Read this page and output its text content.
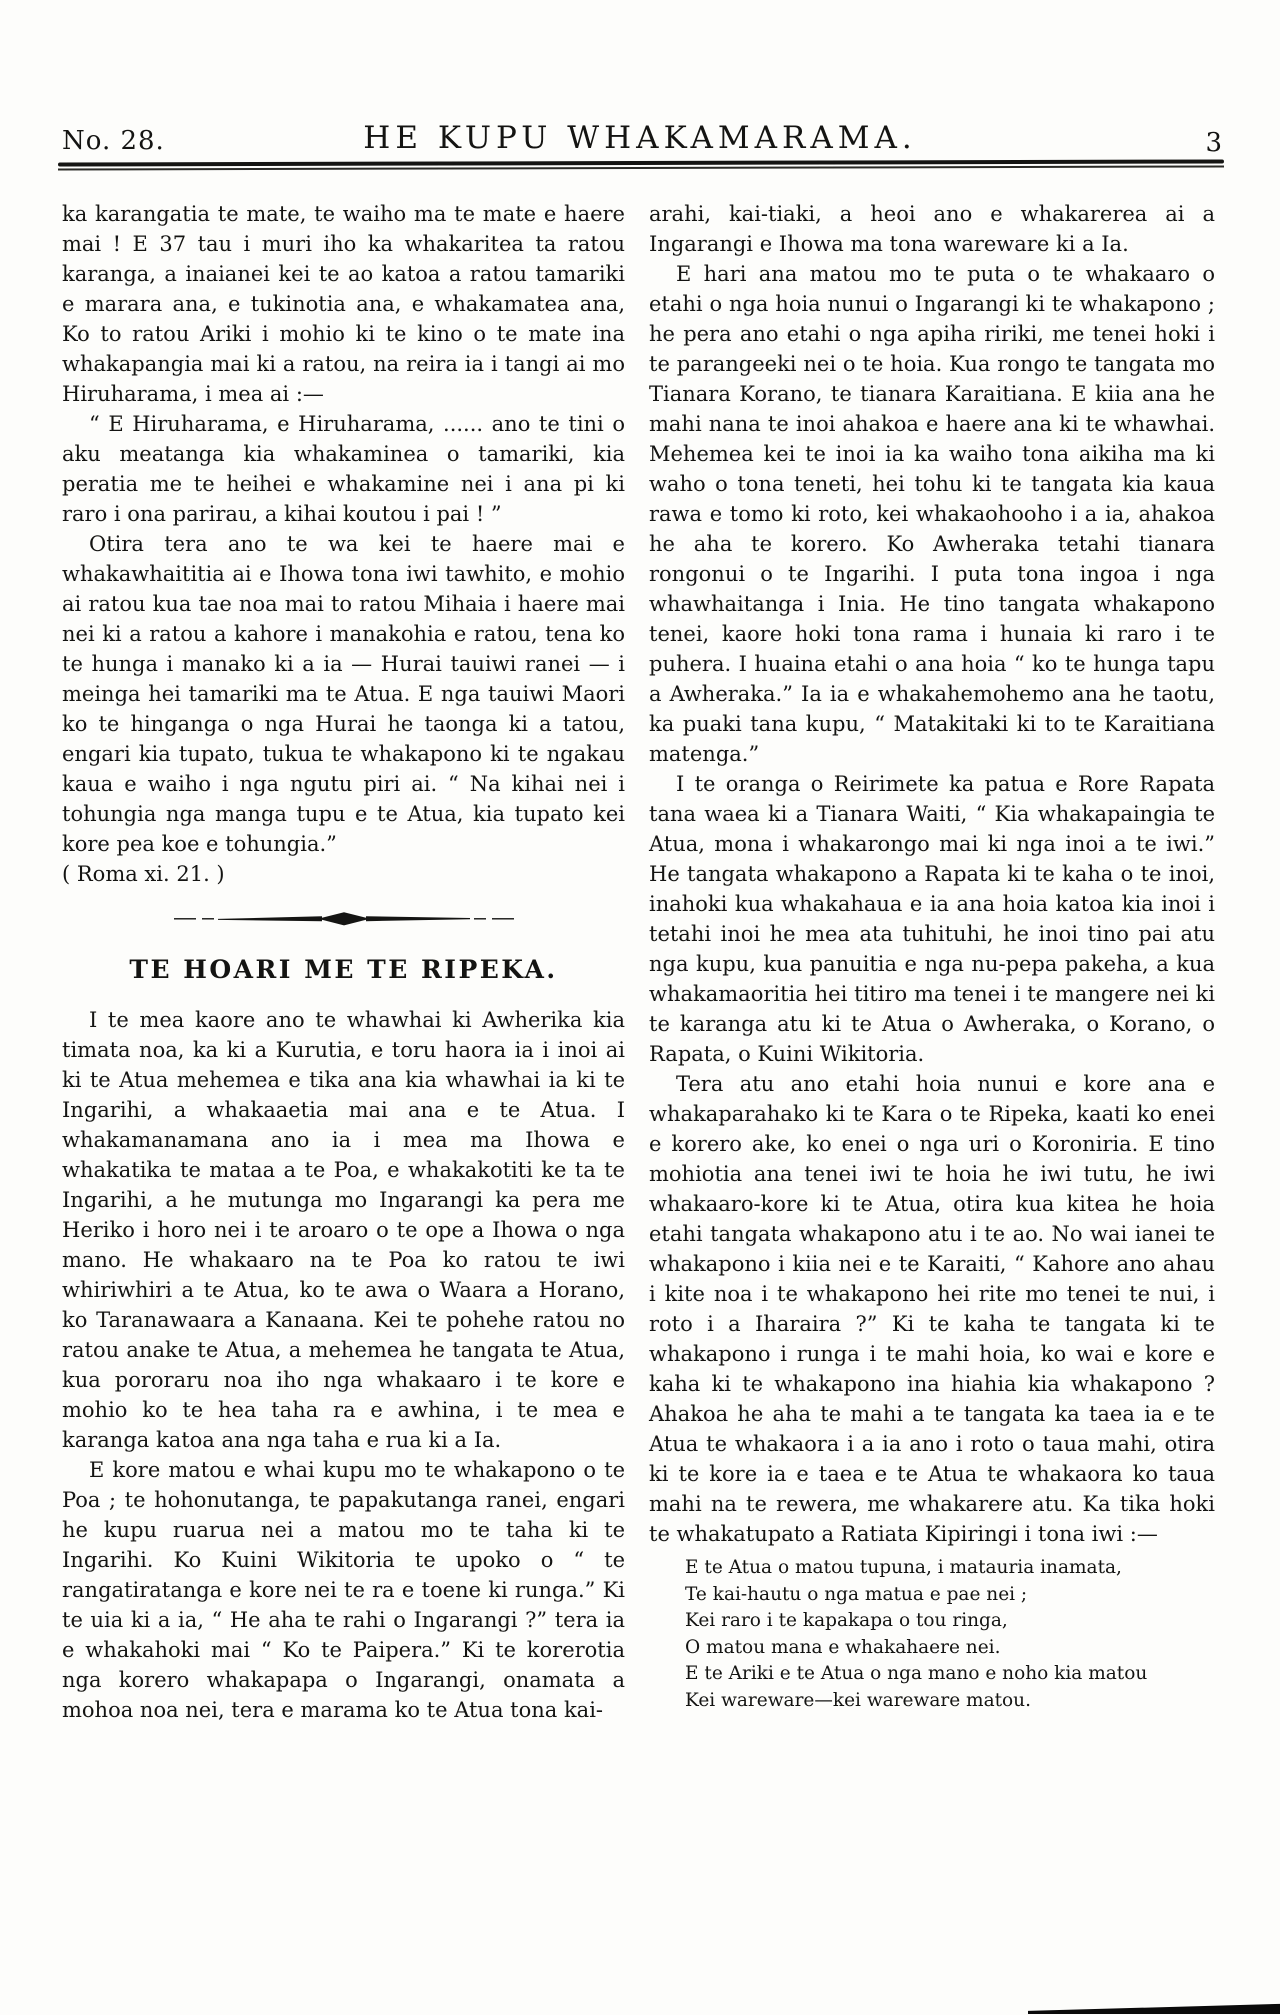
No. 28.	HE KUPU WHAKAMARAMA.	3

ka karangatia te mate, te waiho ma te mate e haere mai ! E 37 tau i muri iho ka whakaritea ta ratou karanga, a inaianei kei te ao katoa a ratou tamariki e marara ana, e tukinotia ana, e whakamatea ana, Ko to ratou Ariki i mohio ki te kino o te mate ina whakapangia mai ki a ratou, na reira ia i tangi ai mo Hiruharama, i mea ai :—

“ E Hiruharama, e Hiruharama, ...... ano te tini o aku meatanga kia whakaminea o tamariki, kia peratia me te heihei e whakamine nei i ana pi ki raro i ona parirau, a kihai koutou i pai ! ”

Otira tera ano te wa kei te haere mai e whakawhaititia ai e Ihowa tona iwi tawhito, e mohio ai ratou kua tae noa mai to ratou Mihaia i haere mai nei ki a ratou a kahore i manakohia e ratou, tena ko te hunga i manako ki a ia — Hurai tauiwi ranei — i meinga hei tamariki ma te Atua. E nga tauiwi Maori ko te hinganga o nga Hurai he taonga ki a tatou, engari kia tupato, tukua te whakapono ki te ngakau kaua e waiho i nga ngutu piri ai. “ Na kihai nei i tohungia nga manga tupu e te Atua, kia tupato kei kore pea koe e tohungia.”

( Roma xi. 21. )

TE HOARI ME TE RIPEKA.

I te mea kaore ano te whawhai ki Awherika kia timata noa, ka ki a Kurutia, e toru haora ia i inoi ai ki te Atua mehemea e tika ana kia whawhai ia ki te Ingarihi, a whakaaetia mai ana e te Atua. I whakamanamana ano ia i mea ma Ihowa e whakatika te mataa a te Poa, e whakakotiti ke ta te Ingarihi, a he mutunga mo Ingarangi ka pera me Heriko i horo nei i te aroaro o te ope a Ihowa o nga mano. He whakaaro na te Poa ko ratou te iwi whiriwhiri a te Atua, ko te awa o Waara a Horano, ko Taranawaara a Kanaana. Kei te pohehe ratou no ratou anake te Atua, a mehemea he tangata te Atua, kua pororaru noa iho nga whakaaro i te kore e mohio ko te hea taha ra e awhina, i te mea e karanga katoa ana nga taha e rua ki a Ia.

E kore matou e whai kupu mo te whakapono o te Poa ; te hohonutanga, te papakutanga ranei, engari he kupu ruarua nei a matou mo te taha ki te Ingarihi. Ko Kuini Wikitoria te upoko o “ te rangatiratanga e kore nei te ra e toene ki runga.” Ki te uia ki a ia, “ He aha te rahi o Ingarangi ?” tera ia e whakahoki mai “ Ko te Paipera.” Ki te korerotia nga korero whakapapa o Ingarangi, onamata a mohoa noa nei, tera e marama ko te Atua tona kai-

arahi, kai-tiaki, a heoi ano e whakarerea ai a Ingarangi e Ihowa ma tona wareware ki a Ia.

E hari ana matou mo te puta o te whakaaro o etahi o nga hoia nunui o Ingarangi ki te whakapono ; he pera ano etahi o nga apiha ririki, me tenei hoki i te parangeeki nei o te hoia. Kua rongo te tangata mo Tianara Korano, te tianara Karaitiana. E kiia ana he mahi nana te inoi ahakoa e haere ana ki te whawhai. Mehemea kei te inoi ia ka waiho tona aikiha ma ki waho o tona teneti, hei tohu ki te tangata kia kaua rawa e tomo ki roto, kei whakaohooho i a ia, ahakoa he aha te korero. Ko Awheraka tetahi tianara rongonui o te Ingarihi. I puta tona ingoa i nga whawhaitanga i Inia. He tino tangata whakapono tenei, kaore hoki tona rama i hunaia ki raro i te puhera. I huaina etahi o ana hoia “ ko te hunga tapu a Awheraka.” Ia ia e whakahemohemo ana he taotu, ka puaki tana kupu, “ Matakitaki ki to te Karaitiana matenga.”

I te oranga o Reirimete ka patua e Rore Rapata tana waea ki a Tianara Waiti, “ Kia whakapaingia te Atua, mona i whakarongo mai ki nga inoi a te iwi.” He tangata whakapono a Rapata ki te kaha o te inoi, inahoki kua whakahaua e ia ana hoia katoa kia inoi i tetahi inoi he mea ata tuhituhi, he inoi tino pai atu nga kupu, kua panuitia e nga nu-pepa pakeha, a kua whakamaoritia hei titiro ma tenei i te mangere nei ki te karanga atu ki te Atua o Awheraka, o Korano, o Rapata, o Kuini Wikitoria.

Tera atu ano etahi hoia nunui e kore ana e whakaparahako ki te Kara o te Ripeka, kaati ko enei e korero ake, ko enei o nga uri o Koroniria. E tino mohiotia ana tenei iwi te hoia he iwi tutu, he iwi whakaaro-kore ki te Atua, otira kua kitea he hoia etahi tangata whakapono atu i te ao. No wai ianei te whakapono i kiia nei e te Karaiti, “ Kahore ano ahau i kite noa i te whakapono hei rite mo tenei te nui, i roto i a Iharaira ?” Ki te kaha te tangata ki te whakapono i runga i te mahi hoia, ko wai e kore e kaha ki te whakapono ina hiahia kia whakapono ? Ahakoa he aha te mahi a te tangata ka taea ia e te Atua te whakaora i a ia ano i roto o taua mahi, otira ki te kore ia e taea e te Atua te whakaora ko taua mahi na te rewera, me whakarere atu. Ka tika hoki te whakatupato a Ratiata Kipiringi i tona iwi :—

E te Atua o matou tupuna, i matauria inamata,
Te kai-hautu o nga matua e pae nei ;
Kei raro i te kapakapa o tou ringa,
O matou mana e whakahaere nei.
E te Ariki e te Atua o nga mano e noho kia matou
Kei wareware—kei wareware matou.
